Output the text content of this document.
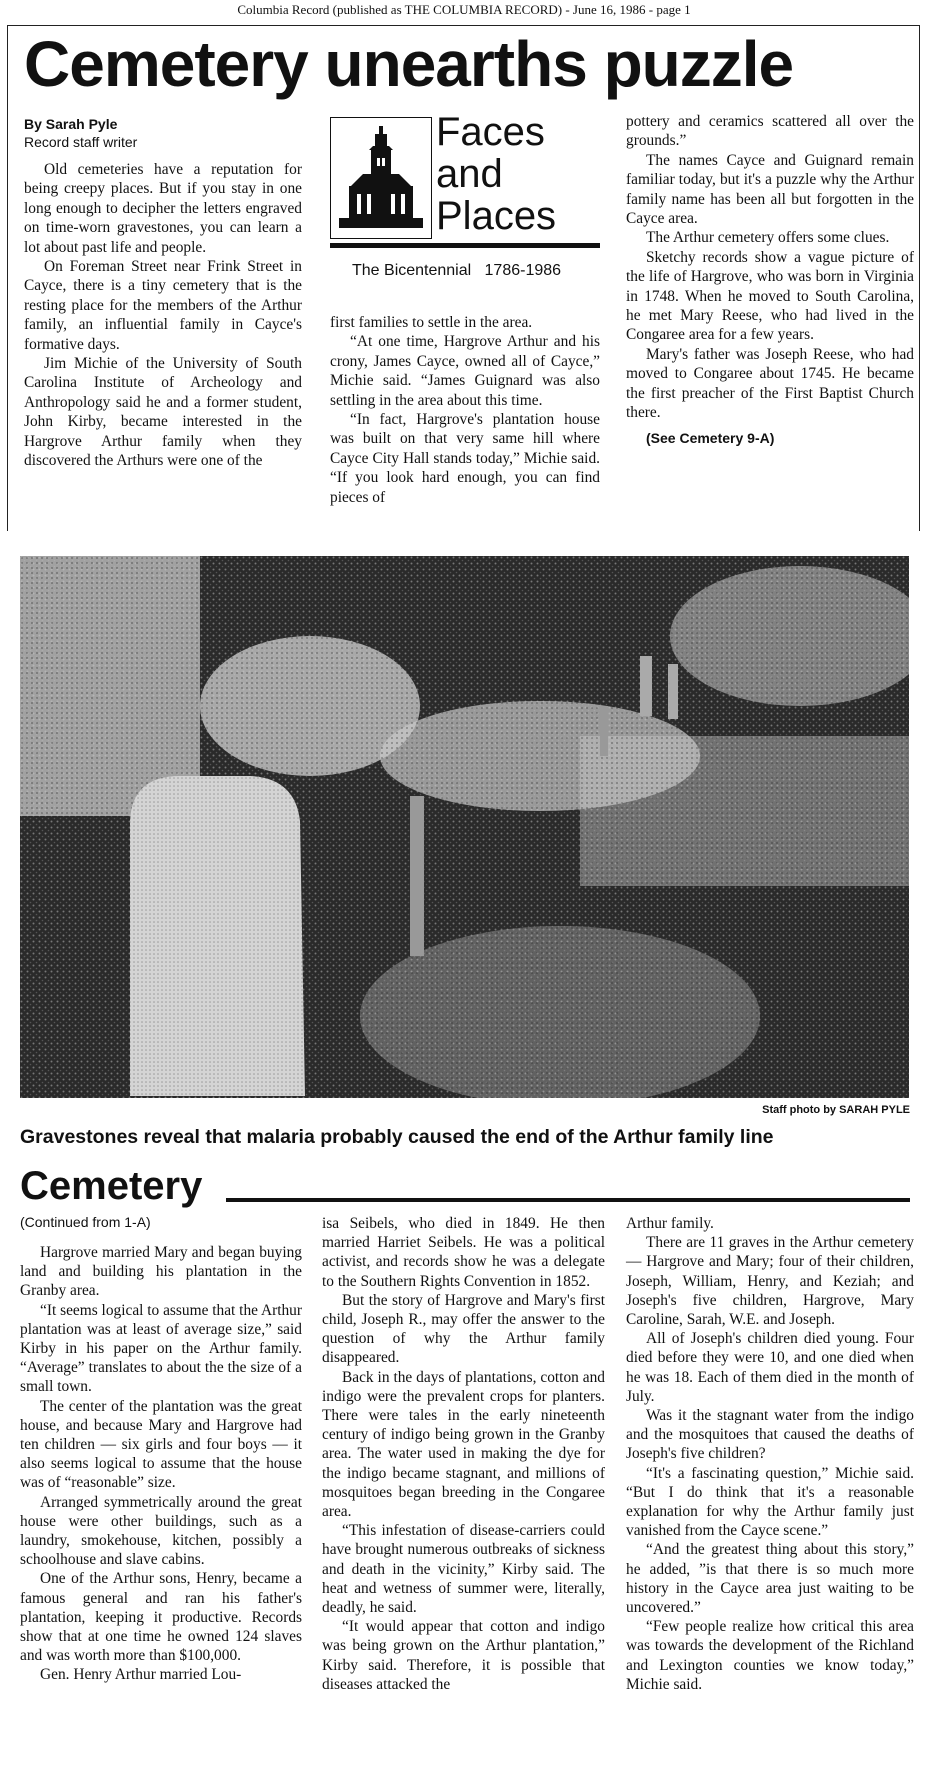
Columbia Record (published as THE COLUMBIA RECORD) - June 16, 1986 - page 1
Cemetery unearths puzzle
By Sarah Pyle
Record staff writer

Old cemeteries have a reputation for being creepy places. But if you stay in one long enough to decipher the letters engraved on time-worn gravestones, you can learn a lot about past life and people.

On Foreman Street near Frink Street in Cayce, there is a tiny cemetery that is the resting place for the members of the Arthur family, an influential family in Cayce's formative days.

Jim Michie of the University of South Carolina Institute of Archeology and Anthropology said he and a former student, John Kirby, became interested in the Hargrove Arthur family when they discovered the Arthurs were one of the

Faces
and
Places
The Bicentennial   1786-1986

first families to settle in the area.

“At one time, Hargrove Arthur and his crony, James Cayce, owned all of Cayce,” Michie said. “James Guignard was also settling in the area about this time.

“In fact, Hargrove's plantation house was built on that very same hill where Cayce City Hall stands today,” Michie said. “If you look hard enough, you can find pieces of

pottery and ceramics scattered all over the grounds.”

The names Cayce and Guignard remain familiar today, but it's a puzzle why the Arthur family name has been all but forgotten in the Cayce area.

The Arthur cemetery offers some clues.

Sketchy records show a vague picture of the life of Hargrove, who was born in Virginia in 1748. When he moved to South Carolina, he met Mary Reese, who had lived in the Congaree area for a few years.

Mary's father was Joseph Reese, who had moved to Congaree about 1745. He became the first preacher of the First Baptist Church there.

(See Cemetery 9-A)

Staff photo by SARAH PYLE
Gravestones reveal that malaria probably caused the end of the Arthur family line
Cemetery
(Continued from 1-A)

Hargrove married Mary and began buying land and building his plantation in the Granby area.

“It seems logical to assume that the Arthur plantation was at least of average size,” said Kirby in his paper on the Arthur family. “Average” translates to about the the size of a small town.

The center of the plantation was the great house, and because Mary and Hargrove had ten children — six girls and four boys — it also seems logical to assume that the house was of “reasonable” size.

Arranged symmetrically around the great house were other buildings, such as a laundry, smokehouse, kitchen, possibly a schoolhouse and slave cabins.

One of the Arthur sons, Henry, became a famous general and ran his father's plantation, keeping it productive. Records show that at one time he owned 124 slaves and was worth more than $100,000.

Gen. Henry Arthur married Lou-

isa Seibels, who died in 1849. He then married Harriet Seibels. He was a political activist, and records show he was a delegate to the Southern Rights Convention in 1852.

But the story of Hargrove and Mary's first child, Joseph R., may offer the answer to the question of why the Arthur family disappeared.

Back in the days of plantations, cotton and indigo were the prevalent crops for planters. There were tales in the early nineteenth century of indigo being grown in the Granby area. The water used in making the dye for the indigo became stagnant, and millions of mosquitoes began breeding in the Congaree area.

“This infestation of disease-carriers could have brought numerous outbreaks of sickness and death in the vicinity,” Kirby said. The heat and wetness of summer were, literally, deadly, he said.

“It would appear that cotton and indigo was being grown on the Arthur plantation,” Kirby said. Therefore, it is possible that diseases attacked the

Arthur family.

There are 11 graves in the Arthur cemetery — Hargrove and Mary; four of their children, Joseph, William, Henry, and Keziah; and Joseph's five children, Hargrove, Mary Caroline, Sarah, W.E. and Joseph.

All of Joseph's children died young. Four died before they were 10, and one died when he was 18. Each of them died in the month of July.

Was it the stagnant water from the indigo and the mosquitoes that caused the deaths of Joseph's five children?

“It's a fascinating question,” Michie said. “But I do think that it's a reasonable explanation for why the Arthur family just vanished from the Cayce scene.”

“And the greatest thing about this story,” he added, ”is that there is so much more history in the Cayce area just waiting to be uncovered.”

“Few people realize how critical this area was towards the development of the Richland and Lexington counties we know today,” Michie said.
